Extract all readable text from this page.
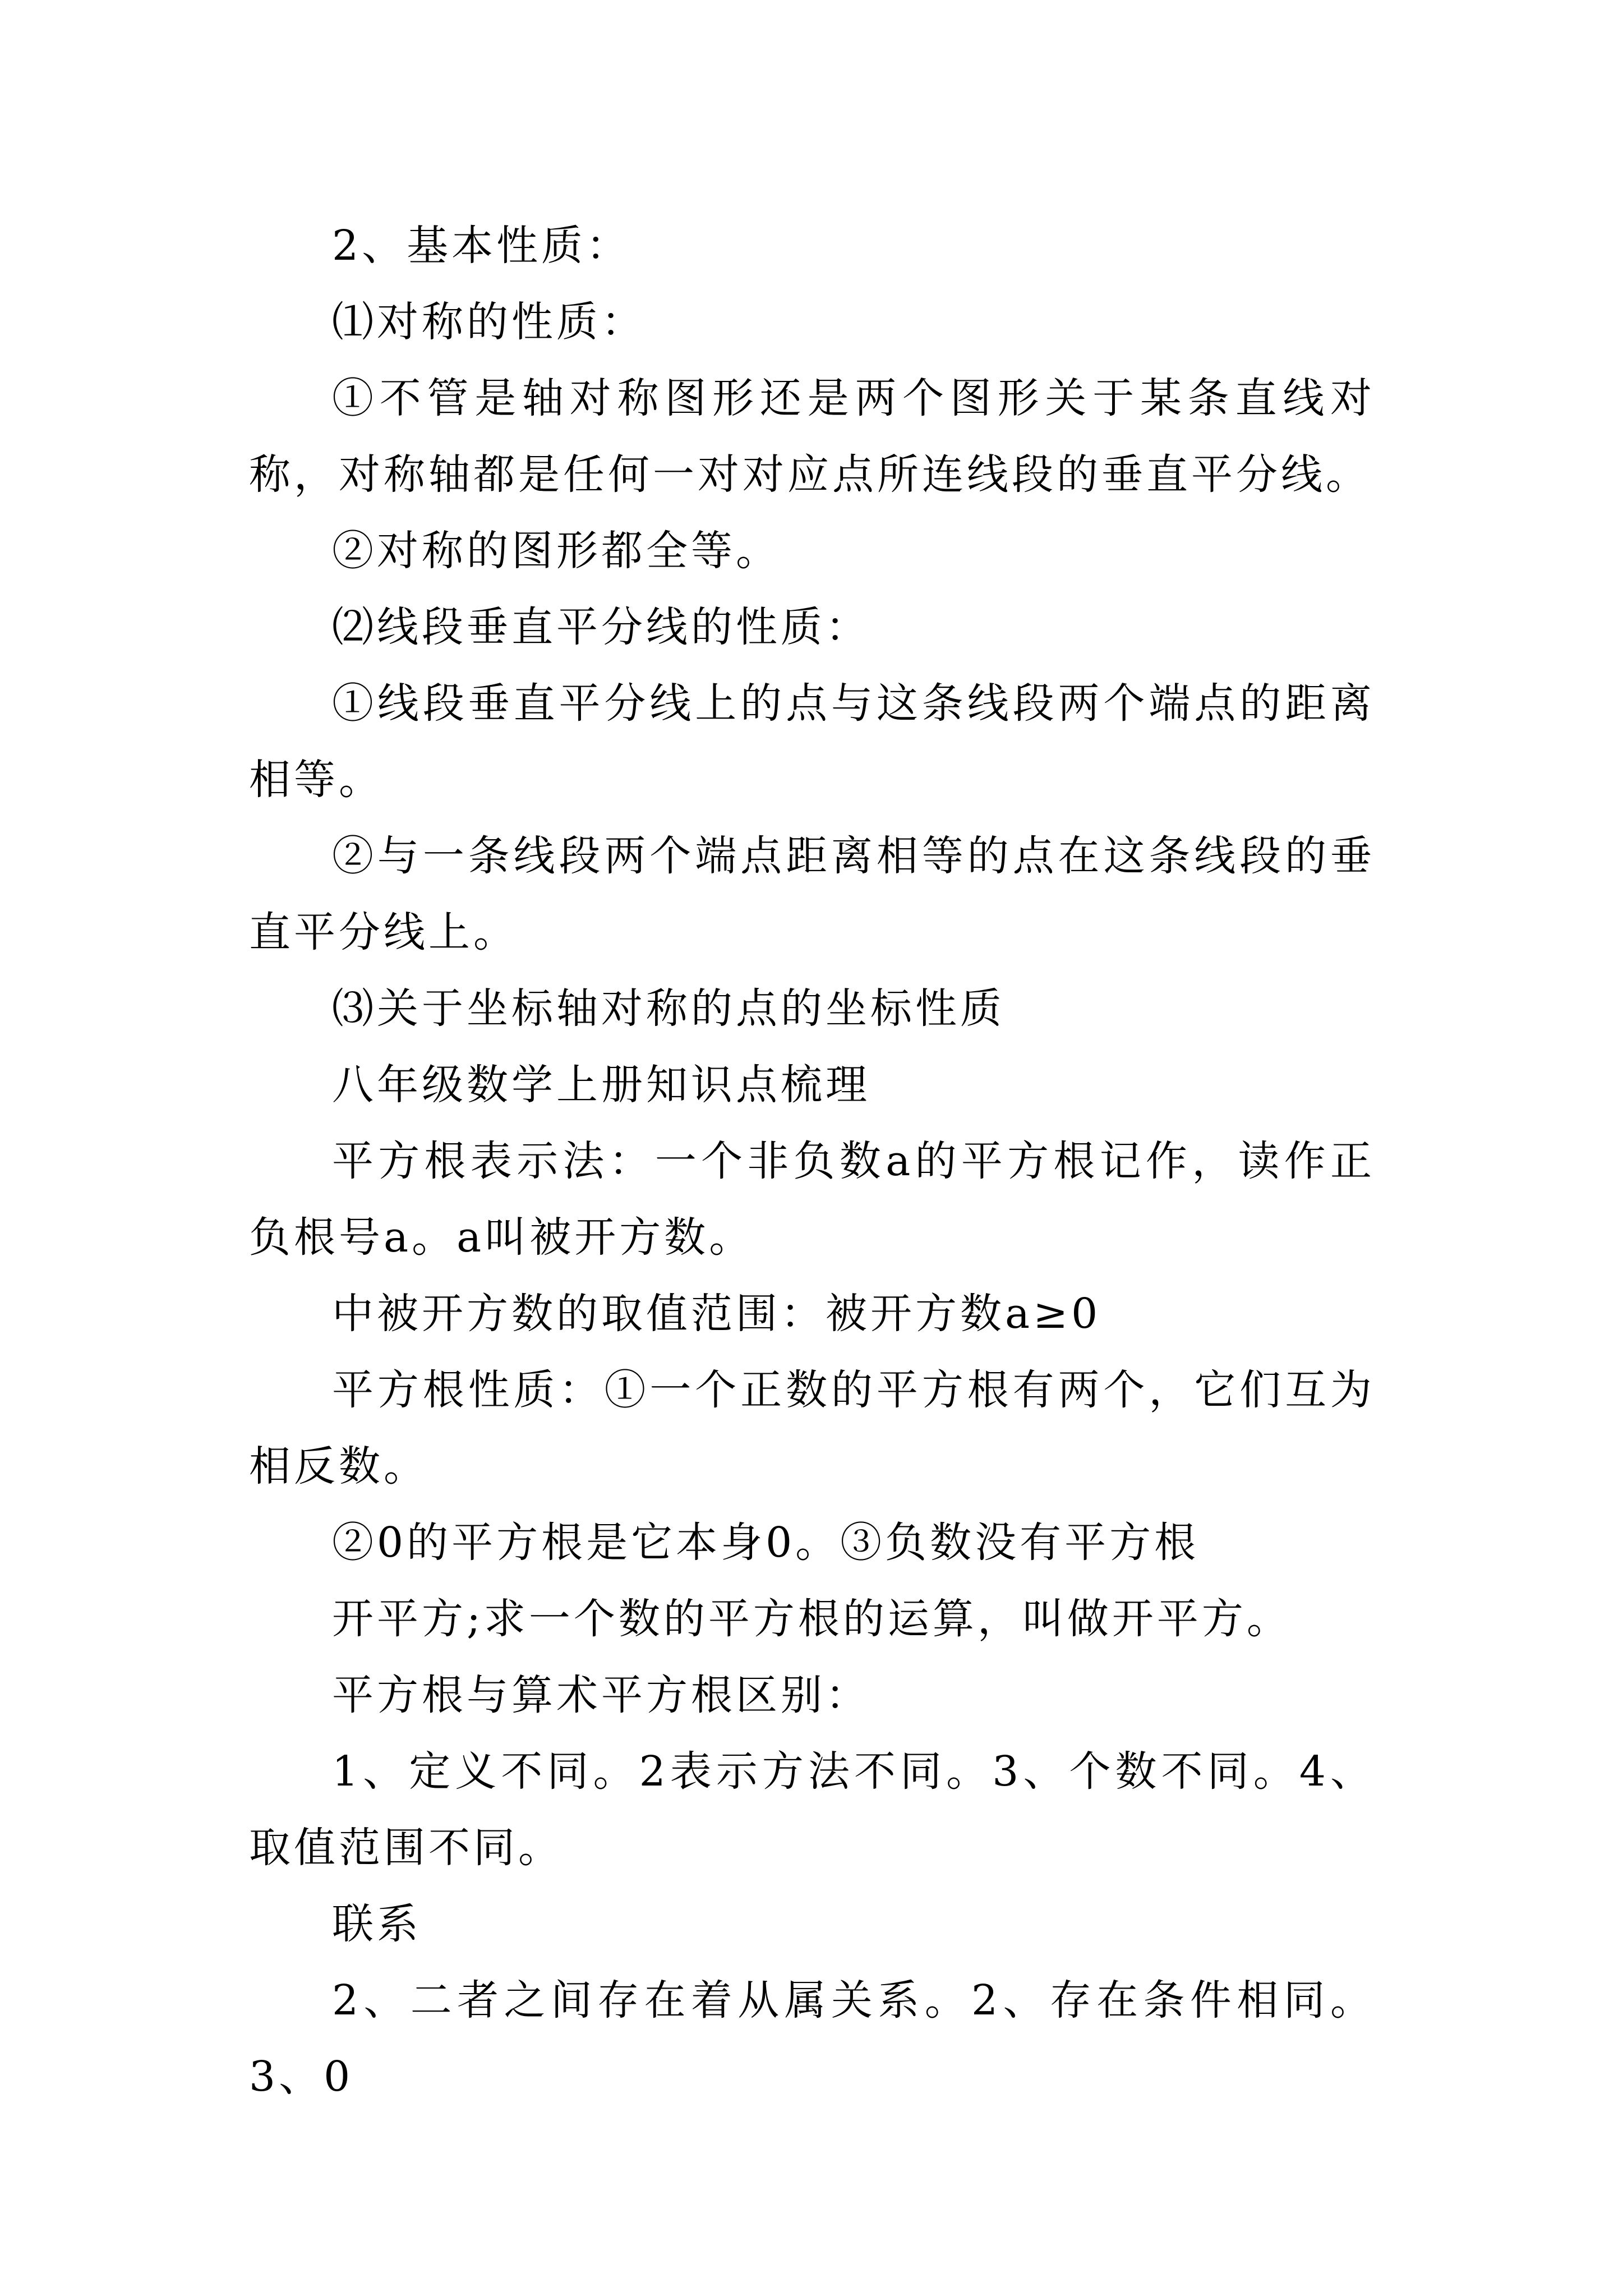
2、基本性质：

⑴对称的性质：

①不管是轴对称图形还是两个图形关于某条直线对称，对称轴都是任何一对对应点所连线段的垂直平分线。

②对称的图形都全等。

⑵线段垂直平分线的性质：

①线段垂直平分线上的点与这条线段两个端点的距离相等。

②与一条线段两个端点距离相等的点在这条线段的垂直平分线上。

⑶关于坐标轴对称的点的坐标性质

八年级数学上册知识点梳理

平方根表示法：一个非负数a的平方根记作，读作正负根号a。a叫被开方数。

中被开方数的取值范围：被开方数a≥0

平方根性质：①一个正数的平方根有两个，它们互为相反数。

②0的平方根是它本身0。③负数没有平方根

开平方;求一个数的平方根的运算，叫做开平方。

平方根与算术平方根区别：

1、定义不同。2表示方法不同。3、个数不同。4、取值范围不同。

联系

2、二者之间存在着从属关系。2、存在条件相同。3、0
